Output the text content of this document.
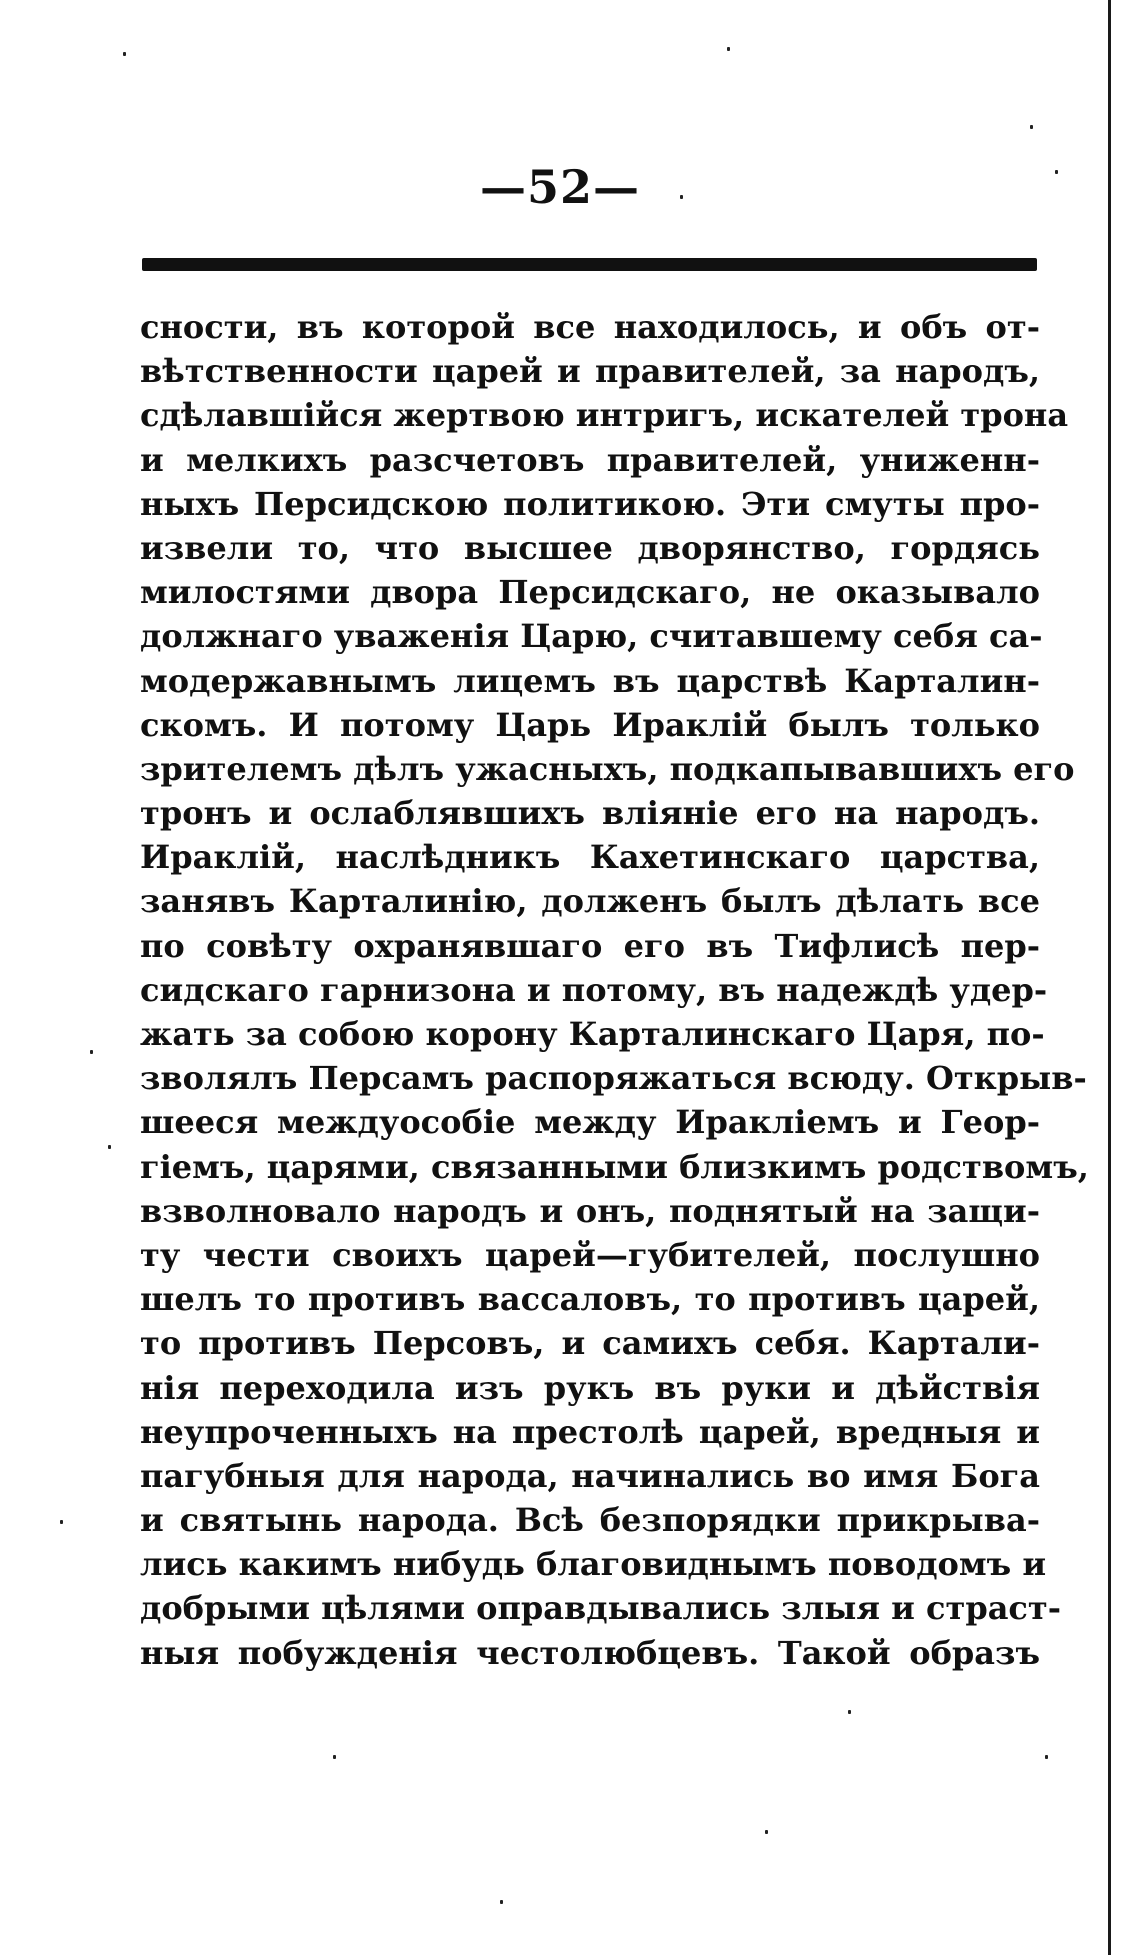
—52—
сности, въ которой все находилось, и объ от-
вѣтственности царей и правителей, за народъ,
сдѣлавшійся жертвою интригъ, искателей трона
и мелкихъ разсчетовъ правителей, униженн-
ныхъ Персидскою политикою. Эти смуты про-
извели то, что высшее дворянство, гордясь
милостями двора Персидскаго, не оказывало
должнаго уваженія Царю, считавшему себя са-
модержавнымъ лицемъ въ царствѣ Карталин-
скомъ. И потому Царь Ираклій былъ только
зрителемъ дѣлъ ужасныхъ, подкапывавшихъ его
тронъ и ослаблявшихъ вліяніе его на народъ.
Ираклій, наслѣдникъ Кахетинскаго царства,
занявъ Карталинію, долженъ былъ дѣлать все
по совѣту охранявшаго его въ Тифлисѣ пер-
сидскаго гарнизона и потому, въ надеждѣ удер-
жать за собою корону Карталинскаго Царя, по-
зволялъ Персамъ распоряжаться всюду. Открыв-
шееся междуособіе между Иракліемъ и Геор-
гіемъ, царями, связанными близкимъ родствомъ,
взволновало народъ и онъ, поднятый на защи-
ту чести своихъ царей—губителей, послушно
шелъ то противъ вассаловъ, то противъ царей,
то противъ Персовъ, и самихъ себя. Картали-
нія переходила изъ рукъ въ руки и дѣйствія
неупроченныхъ на престолѣ царей, вредныя и
пагубныя для народа, начинались во имя Бога
и святынь народа. Всѣ безпорядки прикрыва-
лись какимъ нибудь благовиднымъ поводомъ и
добрыми цѣлями оправдывались злыя и страст-
ныя побужденія честолюбцевъ. Такой образъ
